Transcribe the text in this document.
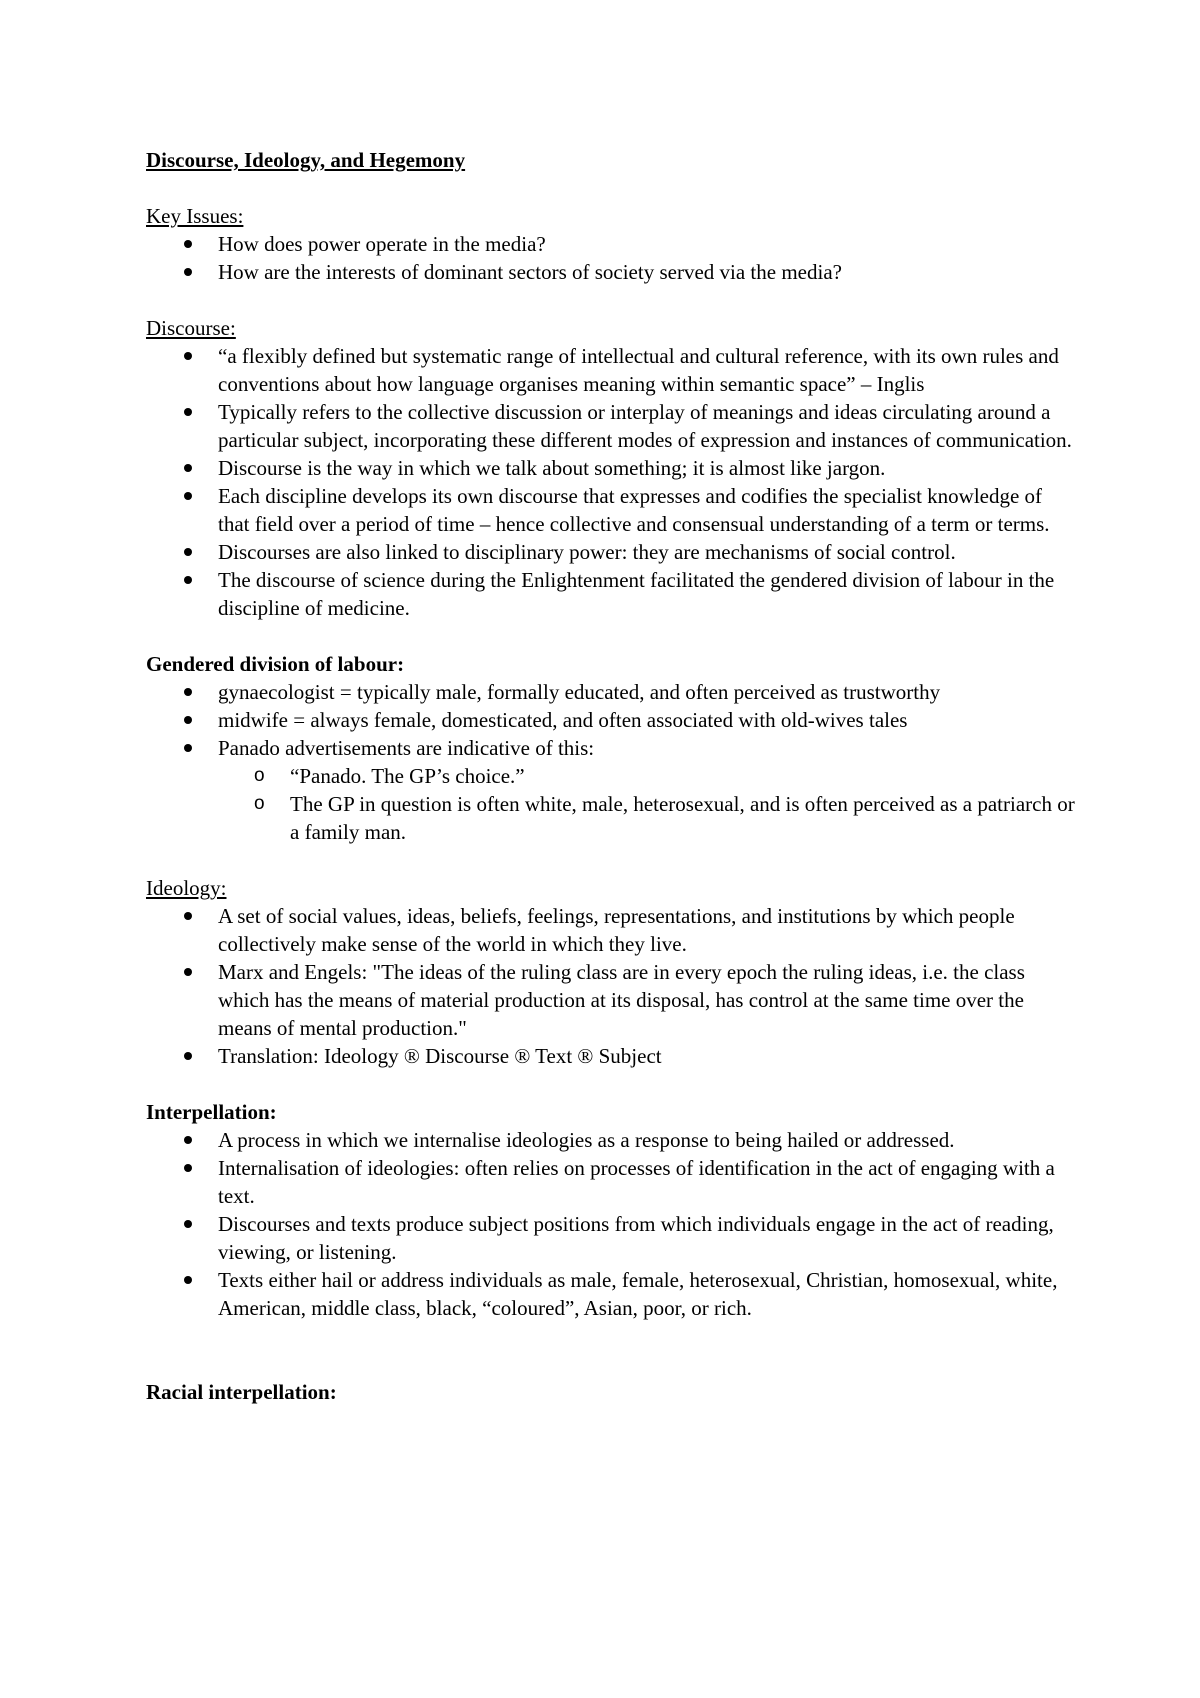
Discourse, Ideology, and Hegemony

Key Issues:

How does power operate in the media?
How are the interests of dominant sectors of society served via the media?

Discourse:

“a flexibly defined but systematic range of intellectual and cultural reference, with its own rules and conventions about how language organises meaning within semantic space” – Inglis
Typically refers to the collective discussion or interplay of meanings and ideas circulating around a particular subject, incorporating these different modes of expression and instances of communication.
Discourse is the way in which we talk about something; it is almost like jargon.
Each discipline develops its own discourse that expresses and codifies the specialist knowledge of that field over a period of time – hence collective and consensual understanding of a term or terms.
Discourses are also linked to disciplinary power: they are mechanisms of social control.
The discourse of science during the Enlightenment facilitated the gendered division of labour in the discipline of medicine.

Gendered division of labour:

gynaecologist = typically male, formally educated, and often perceived as trustworthy
midwife = always female, domesticated, and often associated with old-wives tales
Panado advertisements are indicative of this:
o “Panado. The GP’s choice.”
o The GP in question is often white, male, heterosexual, and is often perceived as a patriarch or a family man.

Ideology:

A set of social values, ideas, beliefs, feelings, representations, and institutions by which people collectively make sense of the world in which they live.
Marx and Engels: "The ideas of the ruling class are in every epoch the ruling ideas, i.e. the class which has the means of material production at its disposal, has control at the same time over the means of mental production."
Translation: Ideology ® Discourse ® Text ® Subject

Interpellation:

A process in which we internalise ideologies as a response to being hailed or addressed.
Internalisation of ideologies: often relies on processes of identification in the act of engaging with a text.
Discourses and texts produce subject positions from which individuals engage in the act of reading, viewing, or listening.
Texts either hail or address individuals as male, female, heterosexual, Christian, homosexual, white, American, middle class, black, “coloured”, Asian, poor, or rich.

Racial interpellation:
